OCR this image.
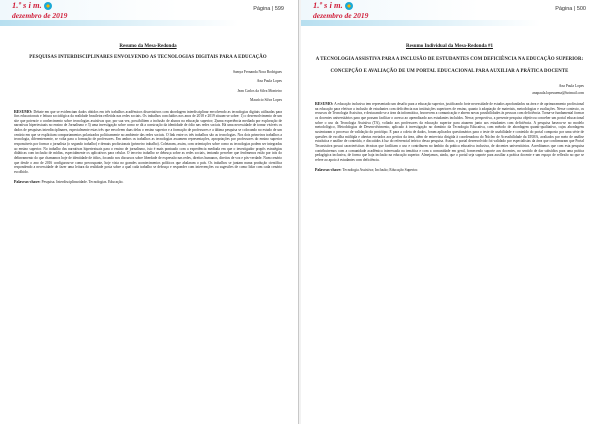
1.º s i m.
dezembro de 2019
Página | 599
Resumo da Mesa-Redonda
PESQUISAS INTERDISCIPLINARES ENVOLVENDO AS TECNOLOGIAS DIGITAIS PARA A EDUCAÇÃO
Samya Fernanda Nora Rodrigues
Ana Paula Lopes
Jean Carlos da Silva Monteiro
Maurício Silva Lopes

RESUMO: Debate em que se evidenciam dados obtidos em três trabalhos acadêmicos dissertativos com abordagem interdisciplinar envolvendo as tecnologias digitais utilizadas para fins educacionais e leitura sociológica da realidade brasileira refletida nas redes sociais. Os trabalhos concluídos nos anos de 2018 e 2019 situam-se sobre: 1) o desenvolvimento de um site que potencie o conhecimento sobre tecnologias assistivas que, por sua vez, possibilitem a inclusão de alunos na educação superior; 2)uma experiência mediada por exploração de narrativas hipertextuais no ensino de Jornalismo e 3) uma investigação sobre como se dá a construção da identidade de ódio nas redes sociais. Há uma necessidade de tornar visíveis os dados de pesquisas interdisciplinares, especialmente estas três que envolvem duas delas o ensino superior e a formação de professores e a última pesquisa se colocando no estudo de um cenário em que se explicitam comportamentos polarizados politicamente no ambiente das redes sociais. O link entre os três trabalhos são as tecnologias. Nos dois primeiros trabalhos a tecnologia, diferentemente, se volta para a formação de professores. Em ambos os trabalhos as tecnologias assumem representações, apropriações por professores do ensino superior responsáveis por formar o jornalista (o segundo trabalho) e demais profissionais (primeiro trabalho). Coletaram, assim, com orientações sobre como as tecnologias podem ser integradas ao ensino superior. No trabalho das narrativas hipertextuais para o ensino de jornalismo, isto é mais pontuado com a experiência mediada em que o investigador propôs estratégias didáticas com inclusão de mídias, especialmente os aplicativos para celular. O terceiro trabalho se debruça sobre as redes sociais, tentando perceber que fenômenos estão por trás do delineamento do que chamamos hoje de identidade de ódios, focando nos discursos sobre liberdade de expressão nas redes, direitos humanos, direitos de voz e pós-verdade. Num cenário que desde o ano de 2016 configurou-se como preocupante, hoje vista no grandes acontecimentos políticos que abalaram o país. Os trabalhos se juntam numa produção científica respondendo a necessidade de fazer uma leitura da realidade posta sobre a qual cada trabalho se debruça e responder com intervenções ou sugestões de como lidar com cada cenário escolhido.

Palavras-chave: Pesquisa. Interdisciplinaridade. Tecnologias. Educação.
1.º s i m.
dezembro de 2019
Página | 500
Resumo Individual da Mesa-Redonda #1
A TECNOLOGIA ASSISTIVA PARA A INCLUSÃO DE ESTUDANTES COM DEFICIÊNCIA NA EDUCAÇÃO SUPERIOR: CONCEPÇÃO E AVALIAÇÃO DE UM PORTAL EDUCACIONAL PARA AUXILIAR A PRÁTICA DOCENTE
Ana Paula Lopes
anapaula.lopesuema@hotmail.com

RESUMO: A educação inclusiva tem representado um desafio para a educação superior, justificando forte necessidade de estudos aprofundados na área e de aprimoramento profissional na educação para efetivar a inclusão de estudantes com deficiência nas instituições superiores de ensino, quanto à adaptação de materiais, metodologias e avaliações. Nesse contexto, os recursos de Tecnologia Assistiva, e destacando-se a área da informática, favorecem a comunicação e abrem novas possibilidades às pessoas com deficiência. Torna-se fundamental formar os docentes universitários para que possam facilitar o acesso ao aprendizado aos estudantes incluídos. Nesse, perspectiva, a presente pesquisa objetivou conceber um portal educacional sobre o uso da Tecnologia Assistiva (TA), voltado aos professores da educação superior para atuarem junto aos estudantes com deficiência. A pesquisa baseou-se no modelo metodológico, Metodologias de Desenvolvimento, aplicado à investigação no domínio da Tecnologia Educativa, com método de abordagem quanti-qualitativo, cujas abordagens sustentaram o processo de validação do protótipo. E para a coleta de dados, foram aplicados questionários para o teste de usabilidade e conteúdo do portal composto por uma série de questões de escolha múltipla e abertas enviados aos peritos da área, além de entrevista dirigida à coordenadora do Núcleo de Acessibilidade da UEMA, avaliados por meio de análise estatística e análise de conteúdo, e discutidos à luz do referencial teórico dessa pesquisa. Assim, o portal desenvolvido foi validado por especialistas da área que confirmaram que Portal Tecassistiva possui características técnicas que facilitam o uso e contribuem no âmbito da prática educativa inclusiva, de docentes universitários. Acreditamos que com esta pesquisa contribuiremos com a comunidade acadêmica interessada na temática e com a comunidade em geral, fornecendo suporte aos docentes, no sentido de dar subsídios para uma prática pedagógica inclusiva, de forma que haja inclusão na educação superior. Almejamos, ainda, que o portal seja suporte para auxiliar a prática docente e um espaço de reflexão no que se refere ao apoio à estudantes com deficiência.

Palavras-chave: Tecnologia Assistiva; Inclusão; Educação Superior.
